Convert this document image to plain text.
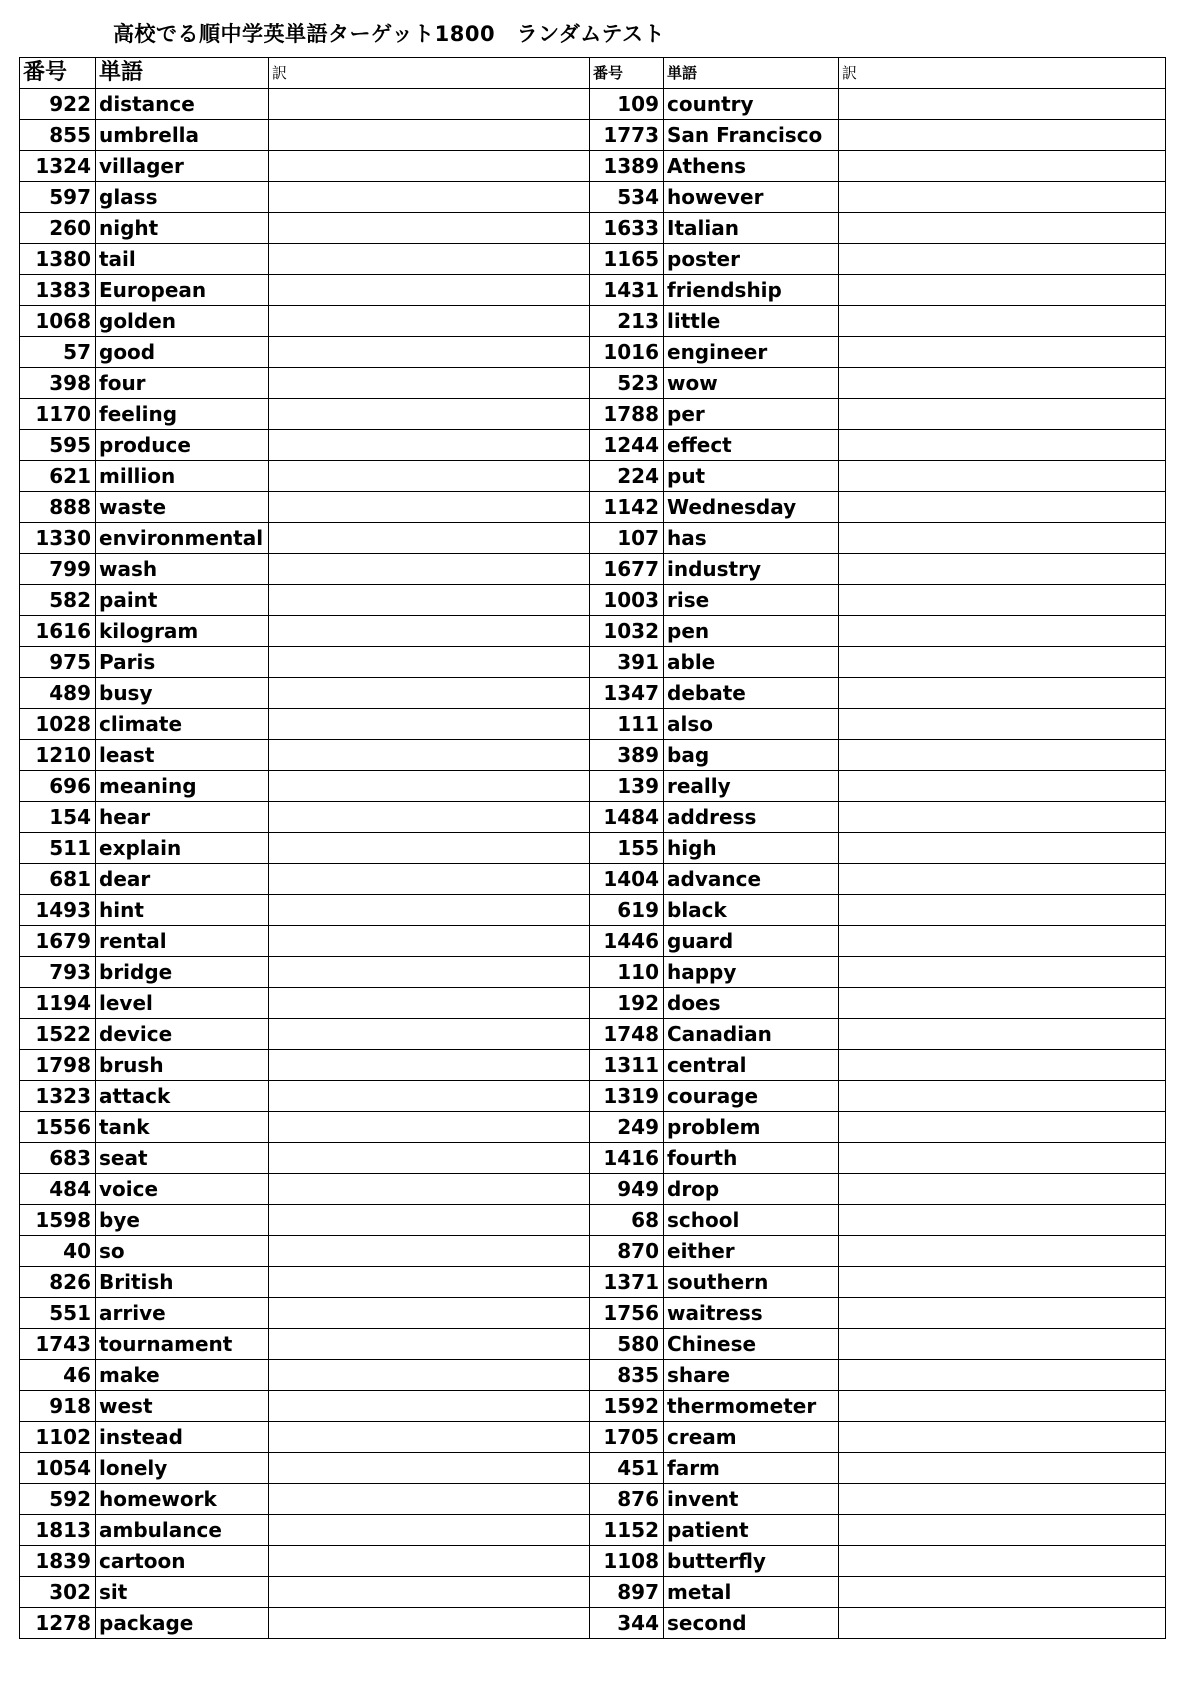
高校でる順中学英単語ターゲット1800　ランダムテスト
番号	単語	訳	番号	単語	訳
922	distance		109	country	
855	umbrella		1773	San Francisco	
1324	villager		1389	Athens	
597	glass		534	however	
260	night		1633	Italian	
1380	tail		1165	poster	
1383	European		1431	friendship	
1068	golden		213	little	
57	good		1016	engineer	
398	four		523	wow	
1170	feeling		1788	per	
595	produce		1244	effect	
621	million		224	put	
888	waste		1142	Wednesday	
1330	environmental		107	has	
799	wash		1677	industry	
582	paint		1003	rise	
1616	kilogram		1032	pen	
975	Paris		391	able	
489	busy		1347	debate	
1028	climate		111	also	
1210	least		389	bag	
696	meaning		139	really	
154	hear		1484	address	
511	explain		155	high	
681	dear		1404	advance	
1493	hint		619	black	
1679	rental		1446	guard	
793	bridge		110	happy	
1194	level		192	does	
1522	device		1748	Canadian	
1798	brush		1311	central	
1323	attack		1319	courage	
1556	tank		249	problem	
683	seat		1416	fourth	
484	voice		949	drop	
1598	bye		68	school	
40	so		870	either	
826	British		1371	southern	
551	arrive		1756	waitress	
1743	tournament		580	Chinese	
46	make		835	share	
918	west		1592	thermometer	
1102	instead		1705	cream	
1054	lonely		451	farm	
592	homework		876	invent	
1813	ambulance		1152	patient	
1839	cartoon		1108	butterfly	
302	sit		897	metal	
1278	package		344	second	
